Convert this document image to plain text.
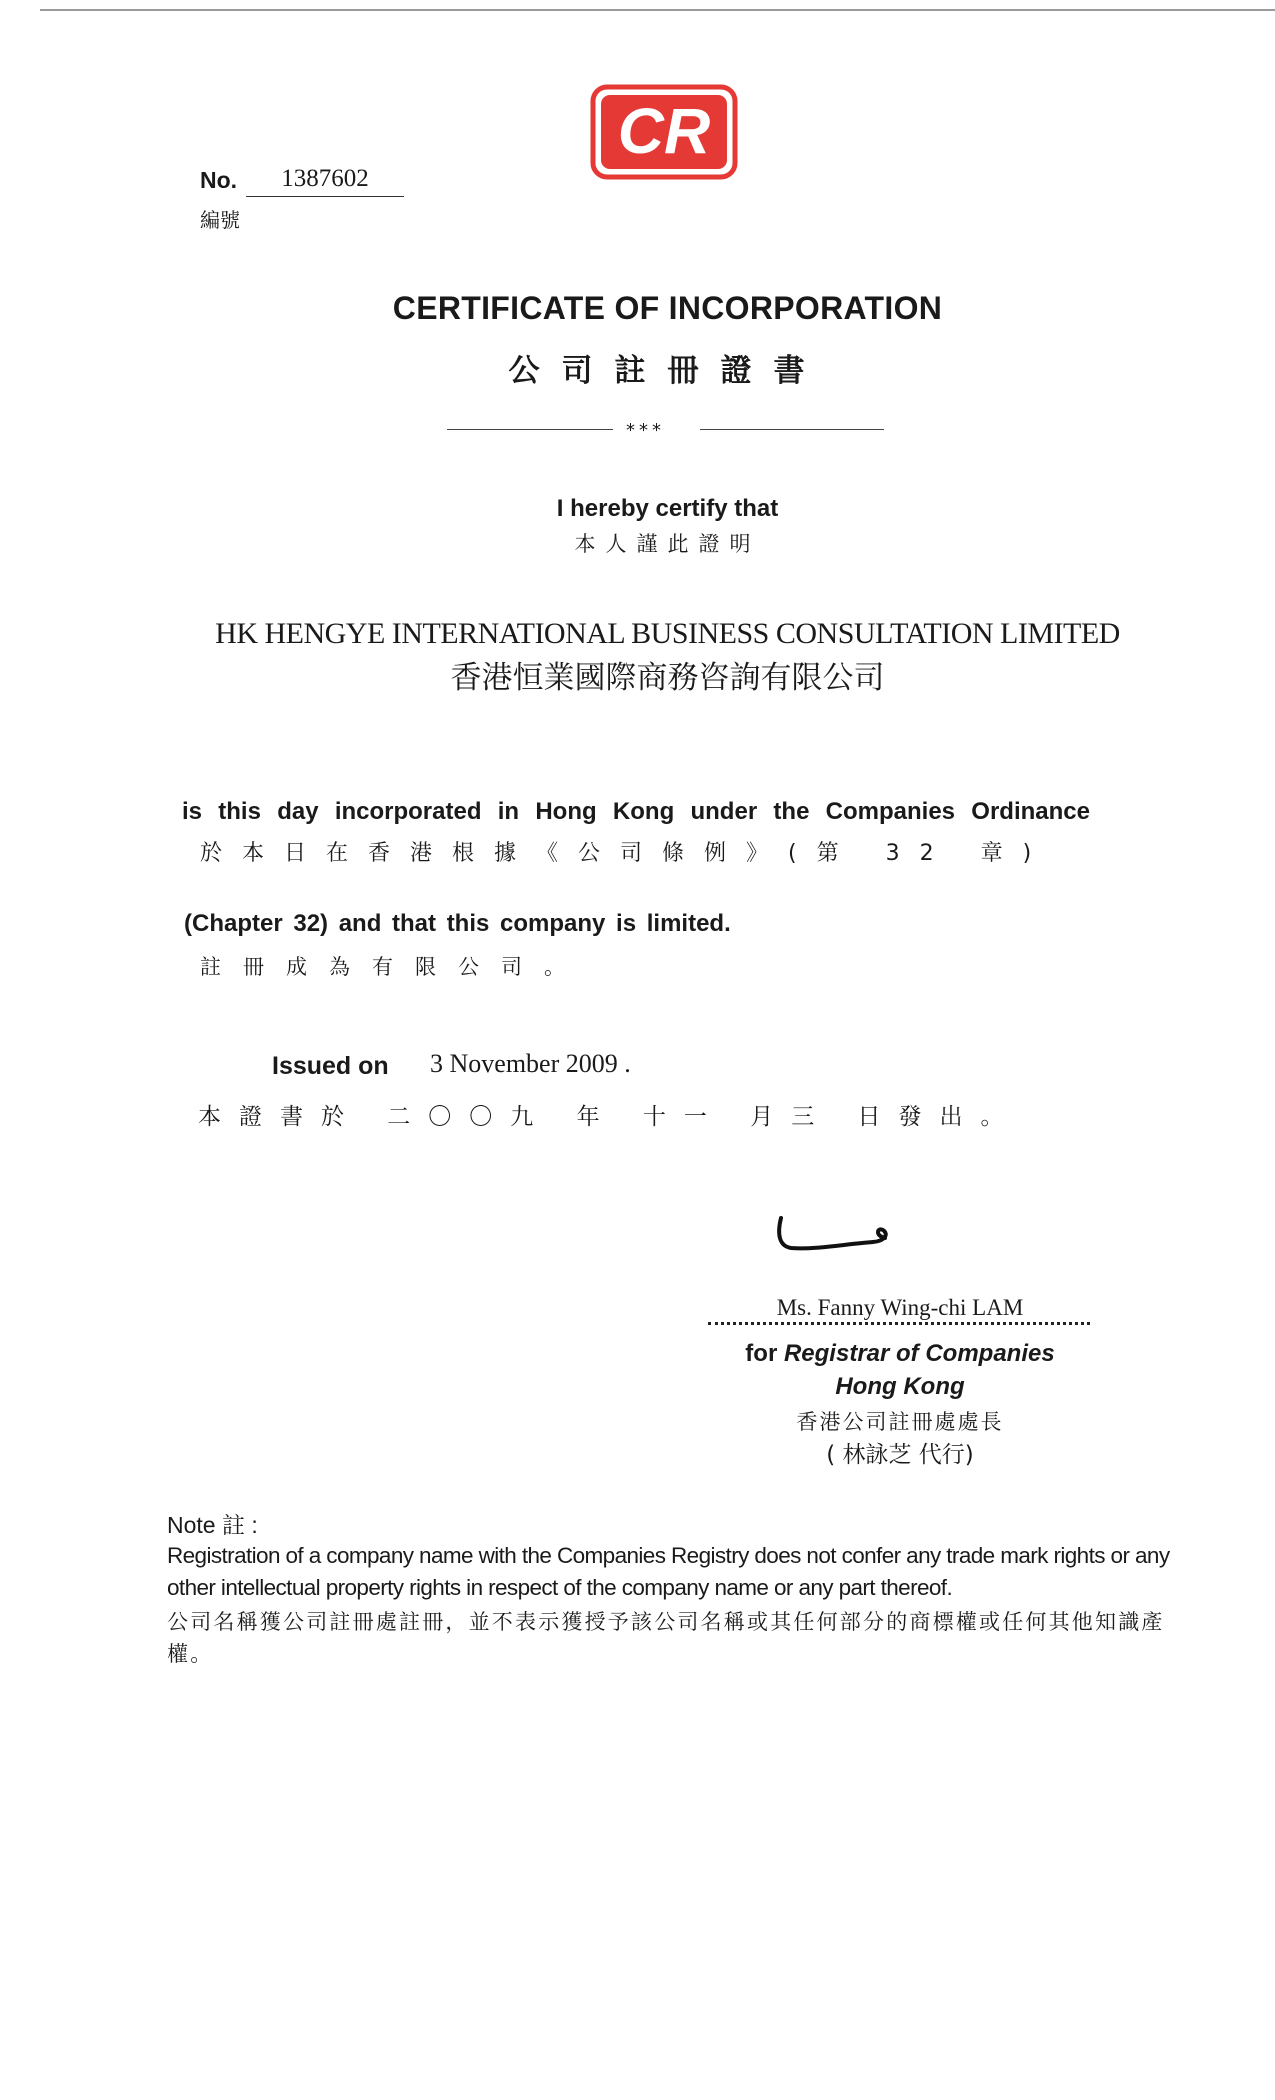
CR
No.	1387602
編號
CERTIFICATE OF INCORPORATION
公司註冊證書
***
I hereby certify that
本人謹此證明
HK HENGYE INTERNATIONAL BUSINESS CONSULTATION LIMITED
香港恒業國際商務咨詢有限公司
is this day incorporated in Hong Kong under the Companies Ordinance
於本日在香港根據《公司條例》(第 32 章)
(Chapter 32) and that this company is limited.
註冊成為有限公司。
Issued on 3 November 2009 .
本證書於 二〇〇九 年 十一 月三 日發出。
Ms. Fanny Wing-chi LAM
for Registrar of Companies
Hong Kong
香港公司註冊處處長
( 林詠芝 代行)
Note 註 :
Registration of a company name with the Companies Registry does not confer any trade mark rights or any other intellectual property rights in respect of the company name or any part thereof.
公司名稱獲公司註冊處註冊，並不表示獲授予該公司名稱或其任何部分的商標權或任何其他知識產權。
